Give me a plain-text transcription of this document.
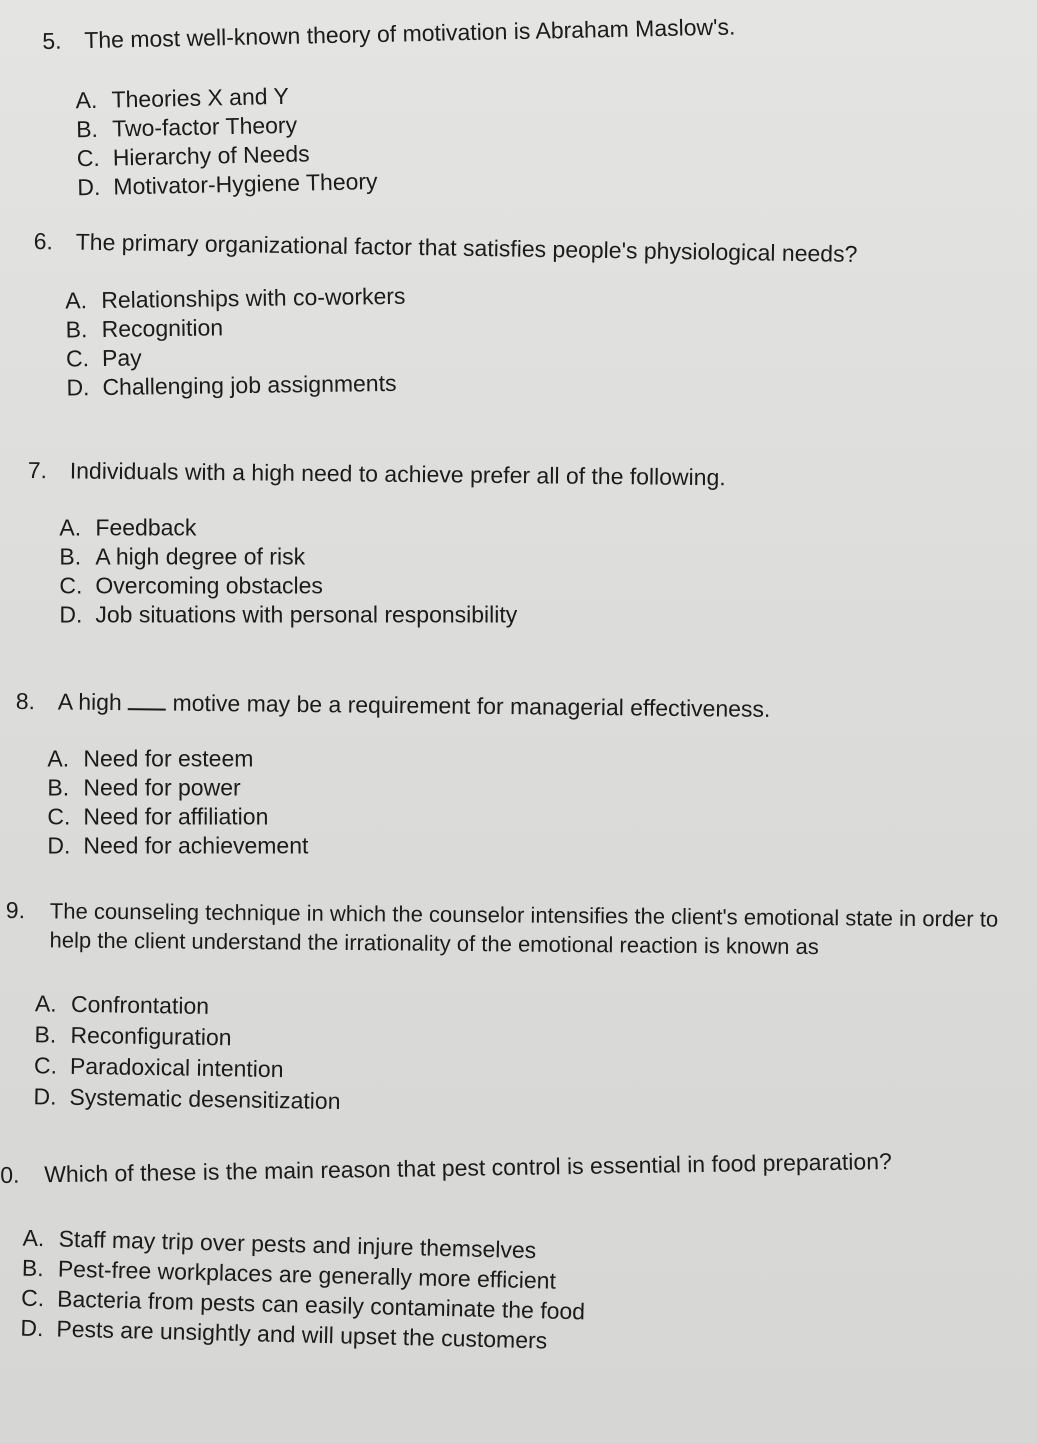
5. The most well-known theory of motivation is Abraham Maslow's.
A. Theories X and Y
B. Two-factor Theory
C. Hierarchy of Needs
D. Motivator-Hygiene Theory
6. The primary organizational factor that satisfies people's physiological needs?
A. Relationships with co-workers
B. Recognition
C. Pay
D. Challenging job assignments
7. Individuals with a high need to achieve prefer all of the following.
A. Feedback
B. A high degree of risk
C. Overcoming obstacles
D. Job situations with personal responsibility
8. A high motive may be a requirement for managerial effectiveness.
A. Need for esteem
B. Need for power
C. Need for affiliation
D. Need for achievement
9. The counseling technique in which the counselor intensifies the client's emotional state in order to help the client understand the irrationality of the emotional reaction is known as
A. Confrontation
B. Reconfiguration
C. Paradoxical intention
D. Systematic desensitization
0. Which of these is the main reason that pest control is essential in food preparation?
A. Staff may trip over pests and injure themselves
B. Pest-free workplaces are generally more efficient
C. Bacteria from pests can easily contaminate the food
D. Pests are unsightly and will upset the customers
